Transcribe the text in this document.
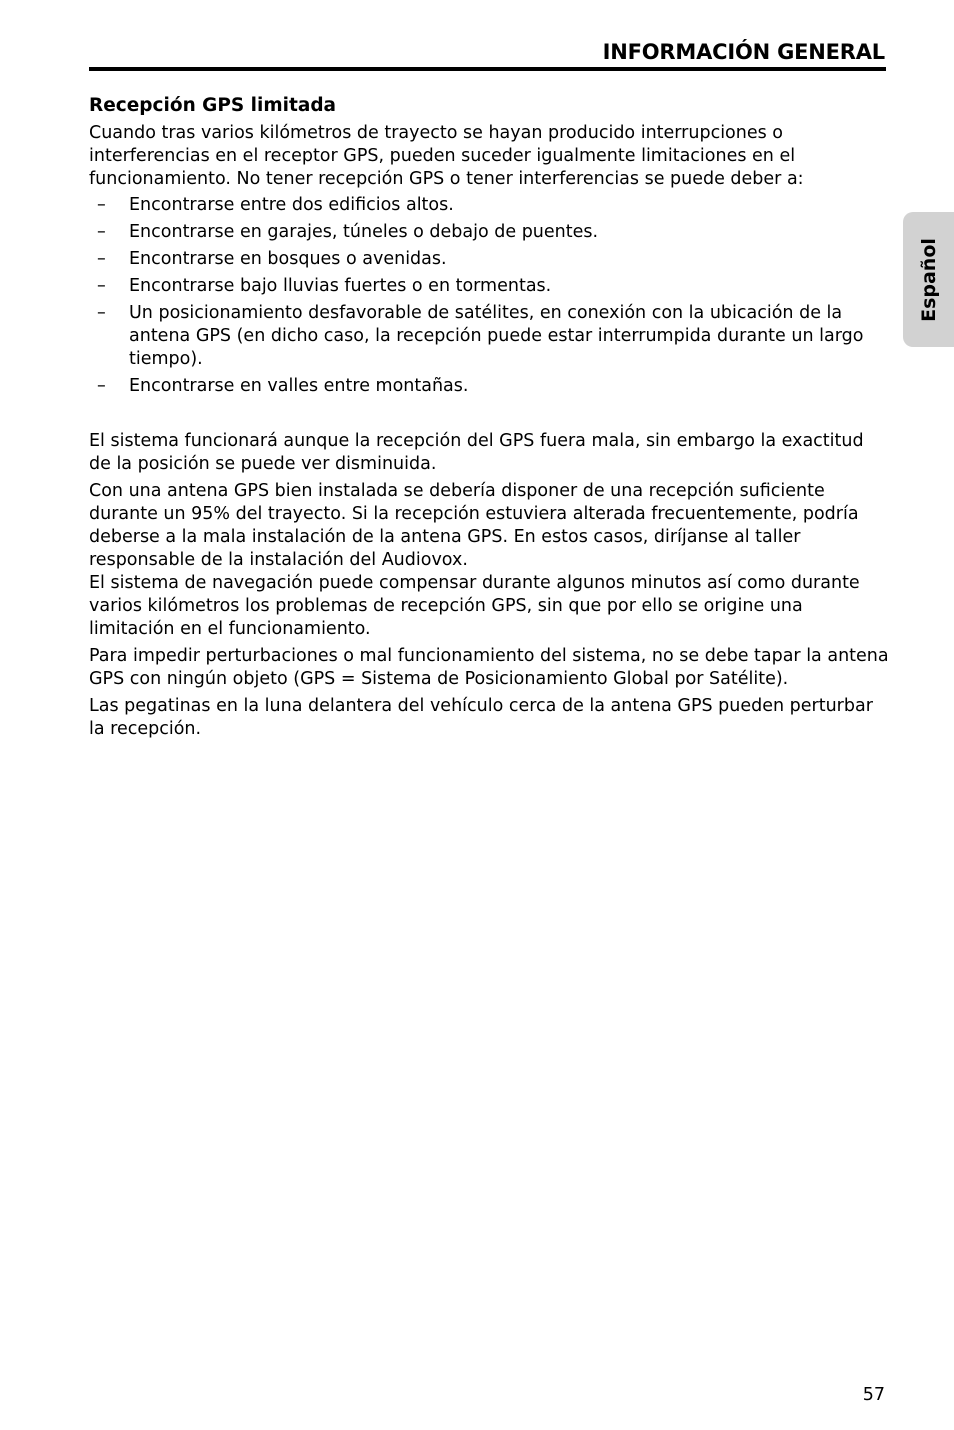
INFORMACIÓN GENERAL
Español
Recepción GPS limitada

Cuando tras varios kilómetros de trayecto se hayan producido interrupciones o interferencias en el receptor GPS, pueden suceder igualmente limitaciones en el funcionamiento. No tener recepción GPS o tener interferencias se puede deber a:

– Encontrarse entre dos edificios altos.
– Encontrarse en garajes, túneles o debajo de puentes.
– Encontrarse en bosques o avenidas.
– Encontrarse bajo lluvias fuertes o en tormentas.
– Un posicionamiento desfavorable de satélites, en conexión con la ubicación de la antena GPS (en dicho caso, la recepción puede estar interrumpida durante un largo tiempo).
– Encontrarse en valles entre montañas.

El sistema funcionará aunque la recepción del GPS fuera mala, sin embargo la exactitud de la posición se puede ver disminuida.

Con una antena GPS bien instalada se debería disponer de una recepción suficiente durante un 95% del trayecto. Si la recepción estuviera alterada frecuentemente, podría deberse a la mala instalación de la antena GPS. En estos casos, diríjanse al taller responsable de la instalación del Audiovox.

El sistema de navegación puede compensar durante algunos minutos así como durante varios kilómetros los problemas de recepción GPS, sin que por ello se origine una limitación en el funcionamiento.

Para impedir perturbaciones o mal funcionamiento del sistema, no se debe tapar la antena GPS con ningún objeto (GPS = Sistema de Posicionamiento Global por Satélite).

Las pegatinas en la luna delantera del vehículo cerca de la antena GPS pueden perturbar la recepción.

57
